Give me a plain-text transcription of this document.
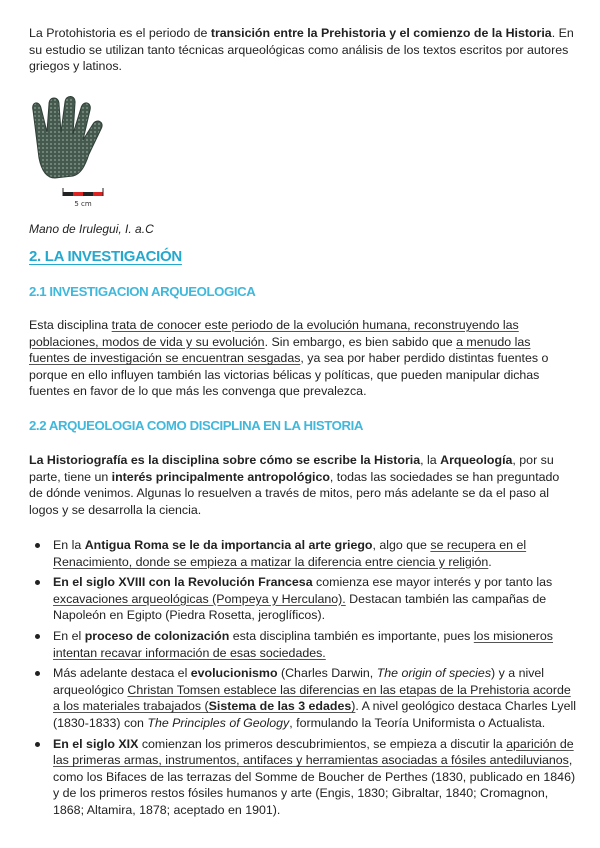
La Protohistoria es el periodo de transición entre la Prehistoria y el comienzo de la Historia. En su estudio se utilizan tanto técnicas arqueológicas como análisis de los textos escritos por autores griegos y latinos.

5 cm
Mano de Irulegui, I. a.C
2. LA INVESTIGACIÓN
2.1 INVESTIGACION ARQUEOLOGICA

Esta disciplina trata de conocer este periodo de la evolución humana, reconstruyendo las poblaciones, modos de vida y su evolución. Sin embargo, es bien sabido que a menudo las fuentes de investigación se encuentran sesgadas, ya sea por haber perdido distintas fuentes o porque en ello influyen también las victorias bélicas y políticas, que pueden manipular dichas fuentes en favor de lo que más les convenga que prevalezca.

2.2 ARQUEOLOGIA COMO DISCIPLINA EN LA HISTORIA

La Historiografía es la disciplina sobre cómo se escribe la Historia, la Arqueología, por su parte, tiene un interés principalmente antropológico, todas las sociedades se han preguntado de dónde venimos. Algunas lo resuelven a través de mitos, pero más adelante se da el paso al logos y se desarrolla la ciencia.

En la Antigua Roma se le da importancia al arte griego, algo que se recupera en el Renacimiento, donde se empieza a matizar la diferencia entre ciencia y religión.
En el siglo XVIII con la Revolución Francesa comienza ese mayor interés y por tanto las excavaciones arqueológicas (Pompeya y Herculano). Destacan también las campañas de Napoleón en Egipto (Piedra Rosetta, jeroglíficos).
En el proceso de colonización esta disciplina también es importante, pues los misioneros intentan recavar información de esas sociedades.
Más adelante destaca el evolucionismo (Charles Darwin, The origin of species) y a nivel arqueológico Christan Tomsen establece las diferencias en las etapas de la Prehistoria acorde a los materiales trabajados (Sistema de las 3 edades). A nivel geológico destaca Charles Lyell (1830-1833) con The Principles of Geology, formulando la Teoría Uniformista o Actualista.
En el siglo XIX comienzan los primeros descubrimientos, se empieza a discutir la aparición de las primeras armas, instrumentos, antifaces y herramientas asociadas a fósiles antediluvianos, como los Bifaces de las terrazas del Somme de Boucher de Perthes (1830, publicado en 1846) y de los primeros restos fósiles humanos y arte (Engis, 1830; Gibraltar, 1840; Cromagnon, 1868; Altamira, 1878; aceptado en 1901).
